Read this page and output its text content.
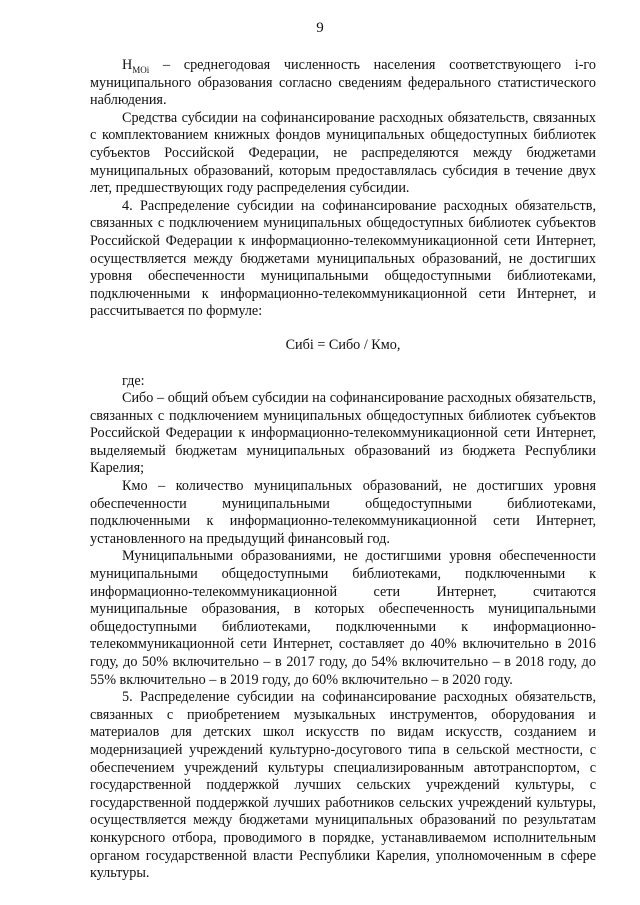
9

$Н_{МОi}$ – среднегодовая численность населения соответствующего i-го муниципального образования согласно сведениям федерального статистического наблюдения.

Средства субсидии на софинансирование расходных обязательств, связанных с комплектованием книжных фондов муниципальных общедоступных библиотек субъектов Российской Федерации, не распределяются между бюджетами муниципальных образований, которым предоставлялась субсидия в течение двух лет, предшествующих году распределения субсидии.

4. Распределение субсидии на софинансирование расходных обязательств, связанных с подключением муниципальных общедоступных библиотек субъектов Российской Федерации к информационно-телекоммуникационной сети Интернет, осуществляется между бюджетами муниципальных образований, не достигших уровня обеспеченности муниципальными общедоступными библиотеками, подключенными к информационно-телекоммуникационной сети Интернет, и рассчитывается по формуле:

Сибi = Сибо / Кмо,

где:

Сибо – общий объем субсидии на софинансирование расходных обязательств, связанных с подключением муниципальных общедоступных библиотек субъектов Российской Федерации к информационно-телекоммуникационной сети Интернет, выделяемый бюджетам муниципальных образований из бюджета Республики Карелия;

Кмо – количество муниципальных образований, не достигших уровня обеспеченности муниципальными общедоступными библиотеками, подключенными к информационно-телекоммуникационной сети Интернет, установленного на предыдущий финансовый год.

Муниципальными образованиями, не достигшими уровня обеспеченности муниципальными общедоступными библиотеками, подключенными к информационно-телекоммуникационной сети Интернет, считаются муниципальные образования, в которых обеспеченность муниципальными общедоступными библиотеками, подключенными к информационно-телекоммуникационной сети Интернет, составляет до 40% включительно в 2016 году, до 50% включительно – в 2017 году, до 54% включительно – в 2018 году, до 55% включительно – в 2019 году, до 60% включительно – в 2020 году.

5. Распределение субсидии на софинансирование расходных обязательств, связанных с приобретением музыкальных инструментов, оборудования и материалов для детских школ искусств по видам искусств, созданием и модернизацией учреждений культурно-досугового типа в сельской местности, с обеспечением учреждений культуры специализированным автотранспортом, с государственной поддержкой лучших сельских учреждений культуры, с государственной поддержкой лучших работников сельских учреждений культуры, осуществляется между бюджетами муниципальных образований по результатам конкурсного отбора, проводимого в порядке, устанавливаемом исполнительным органом государственной власти Республики Карелия, уполномоченным в сфере культуры.
